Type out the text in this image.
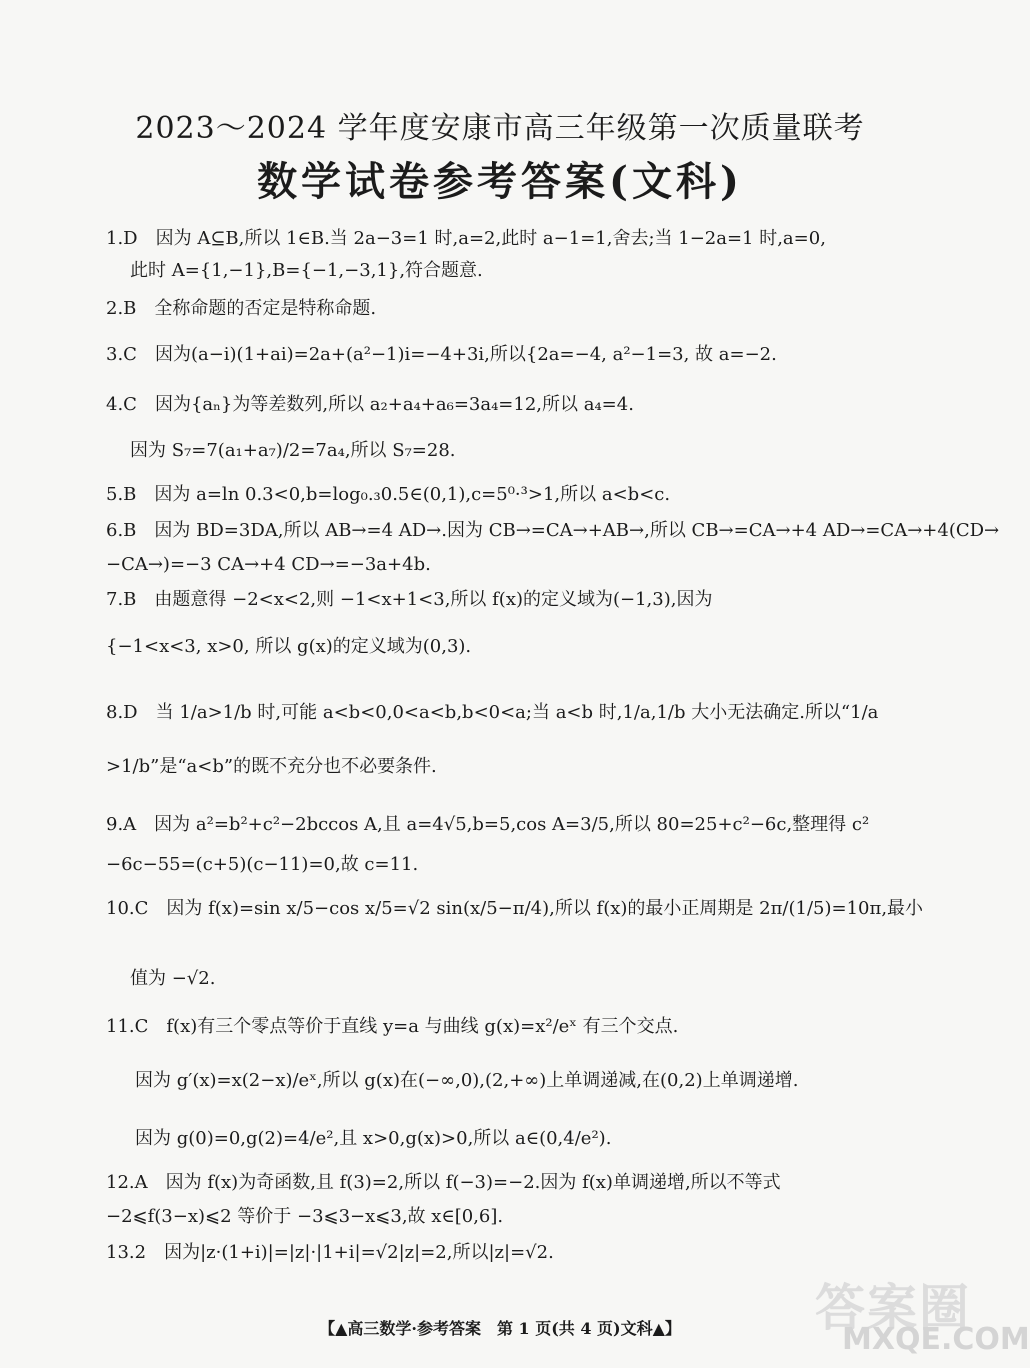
2023～2024 学年度安康市高三年级第一次质量联考
数学试卷参考答案(文科)
1.D　因为 A⊆B,所以 1∈B.当 2a−3=1 时,a=2,此时 a−1=1,舍去;当 1−2a=1 时,a=0,
此时 A={1,−1},B={−1,−3,1},符合题意.
2.B　全称命题的否定是特称命题.
3.C　因为(a−i)(1+ai)=2a+(a²−1)i=−4+3i,所以{2a=−4, a²−1=3, 故 a=−2.
4.C　因为{aₙ}为等差数列,所以 a₂+a₄+a₆=3a₄=12,所以 a₄=4.
因为 S₇=7(a₁+a₇)/2=7a₄,所以 S₇=28.
5.B　因为 a=ln 0.3<0,b=log₀.₃0.5∈(0,1),c=5⁰·³>1,所以 a<b<c.
6.B　因为 BD=3DA,所以 AB→=4 AD→.因为 CB→=CA→+AB→,所以 CB→=CA→+4 AD→=CA→+4(CD→
−CA→)=−3 CA→+4 CD→=−3a+4b.
7.B　由题意得 −2<x<2,则 −1<x+1<3,所以 f(x)的定义域为(−1,3),因为
{−1<x<3, x>0, 所以 g(x)的定义域为(0,3).
8.D　当 1/a>1/b 时,可能 a<b<0,0<a<b,b<0<a;当 a<b 时,1/a,1/b 大小无法确定.所以“1/a
>1/b”是“a<b”的既不充分也不必要条件.
9.A　因为 a²=b²+c²−2bccos A,且 a=4√5,b=5,cos A=3/5,所以 80=25+c²−6c,整理得 c²
−6c−55=(c+5)(c−11)=0,故 c=11.
10.C　因为 f(x)=sin x/5−cos x/5=√2 sin(x/5−π/4),所以 f(x)的最小正周期是 2π/(1/5)=10π,最小
值为 −√2.
11.C　f(x)有三个零点等价于直线 y=a 与曲线 g(x)=x²/eˣ 有三个交点.
因为 g′(x)=x(2−x)/eˣ,所以 g(x)在(−∞,0),(2,+∞)上单调递减,在(0,2)上单调递增.
因为 g(0)=0,g(2)=4/e²,且 x>0,g(x)>0,所以 a∈(0,4/e²).
12.A　因为 f(x)为奇函数,且 f(3)=2,所以 f(−3)=−2.因为 f(x)单调递增,所以不等式
−2⩽f(3−x)⩽2 等价于 −3⩽3−x⩽3,故 x∈[0,6].
13.2　因为|z·(1+i)|=|z|·|1+i|=√2|z|=2,所以|z|=√2.
【▲高三数学·参考答案　第 1 页(共 4 页)文科▲】	答案圈
MXQE.COM
